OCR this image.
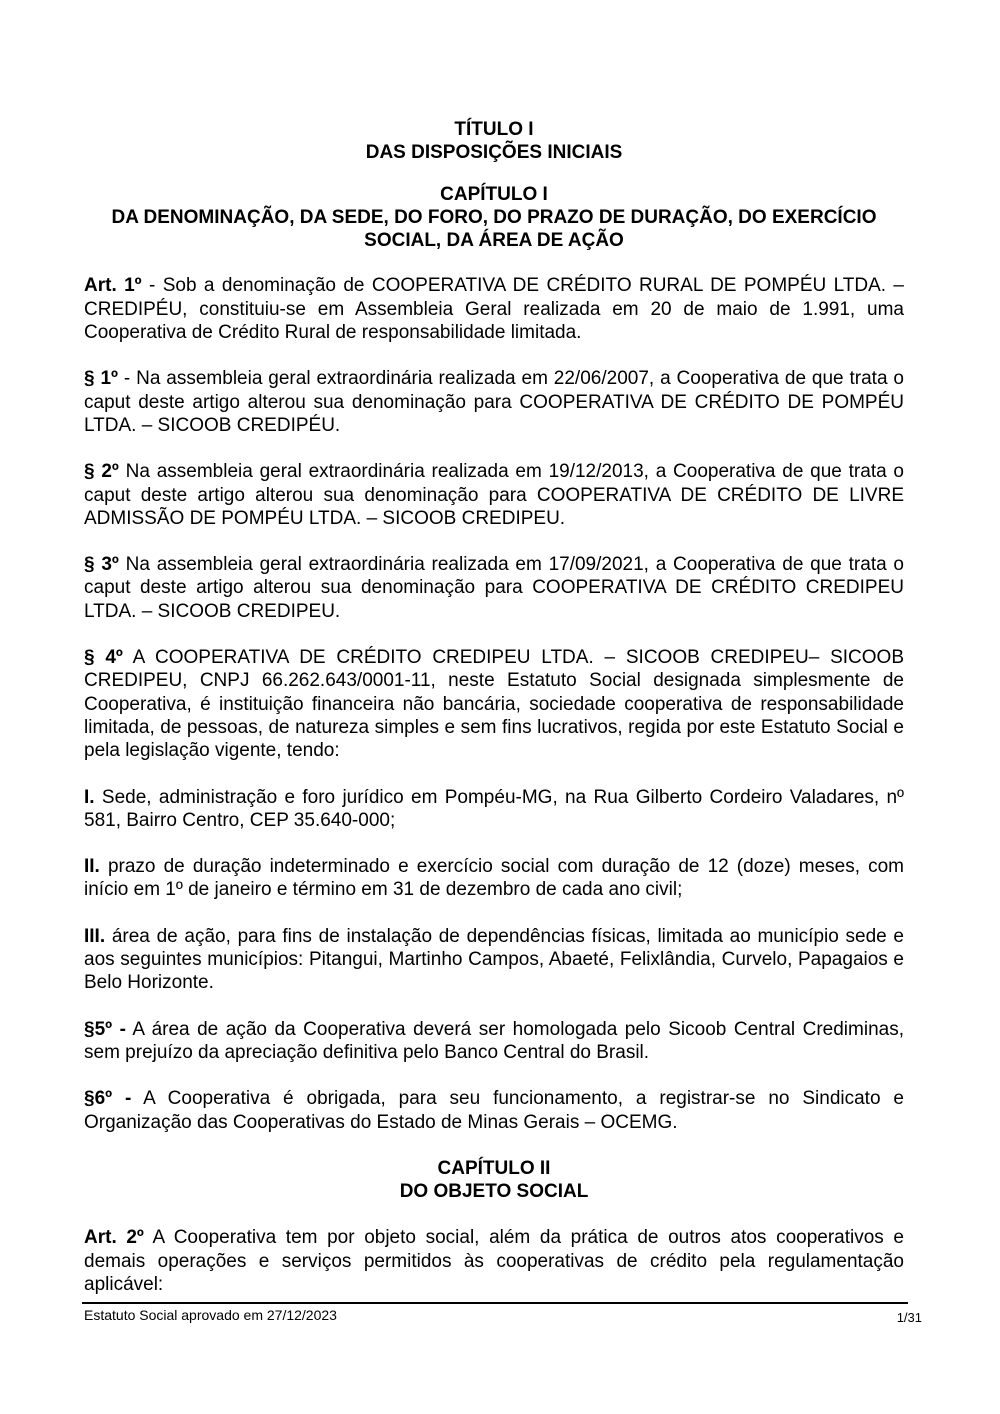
TÍTULO I
DAS DISPOSIÇÕES INICIAIS
CAPÍTULO I
DA DENOMINAÇÃO, DA SEDE, DO FORO, DO PRAZO DE DURAÇÃO, DO EXERCÍCIO
SOCIAL, DA ÁREA DE AÇÃO

Art. 1º - Sob a denominação de COOPERATIVA DE CRÉDITO RURAL DE POMPÉU LTDA. – CREDIPÉU, constituiu-se em Assembleia Geral realizada em 20 de maio de 1.991, uma Cooperativa de Crédito Rural de responsabilidade limitada.

§ 1º - Na assembleia geral extraordinária realizada em 22/06/2007, a Cooperativa de que trata o caput deste artigo alterou sua denominação para COOPERATIVA DE CRÉDITO DE POMPÉU LTDA. – SICOOB CREDIPÉU.

§ 2º Na assembleia geral extraordinária realizada em 19/12/2013, a Cooperativa de que trata o caput deste artigo alterou sua denominação para COOPERATIVA DE CRÉDITO DE LIVRE ADMISSÃO DE POMPÉU LTDA. – SICOOB CREDIPEU.

§ 3º Na assembleia geral extraordinária realizada em 17/09/2021, a Cooperativa de que trata o caput deste artigo alterou sua denominação para COOPERATIVA DE CRÉDITO CREDIPEU LTDA. – SICOOB CREDIPEU.

§ 4º A COOPERATIVA DE CRÉDITO CREDIPEU LTDA. – SICOOB CREDIPEU– SICOOB CREDIPEU, CNPJ 66.262.643/0001-11, neste Estatuto Social designada simplesmente de Cooperativa, é instituição financeira não bancária, sociedade cooperativa de responsabilidade limitada, de pessoas, de natureza simples e sem fins lucrativos, regida por este Estatuto Social e pela legislação vigente, tendo:

I. Sede, administração e foro jurídico em Pompéu-MG, na Rua Gilberto Cordeiro Valadares, nº 581, Bairro Centro, CEP 35.640-000;

II. prazo de duração indeterminado e exercício social com duração de 12 (doze) meses, com início em 1º de janeiro e término em 31 de dezembro de cada ano civil;

III. área de ação, para fins de instalação de dependências físicas, limitada ao município sede e aos seguintes municípios: Pitangui, Martinho Campos, Abaeté, Felixlândia, Curvelo, Papagaios e Belo Horizonte.

§5º - A área de ação da Cooperativa deverá ser homologada pelo Sicoob Central Crediminas, sem prejuízo da apreciação definitiva pelo Banco Central do Brasil.

§6º - A Cooperativa é obrigada, para seu funcionamento, a registrar-se no Sindicato e Organização das Cooperativas do Estado de Minas Gerais – OCEMG.

CAPÍTULO II
DO OBJETO SOCIAL

Art. 2º A Cooperativa tem por objeto social, além da prática de outros atos cooperativos e demais operações e serviços permitidos às cooperativas de crédito pela regulamentação aplicável:

Estatuto Social aprovado em 27/12/2023	1/31
